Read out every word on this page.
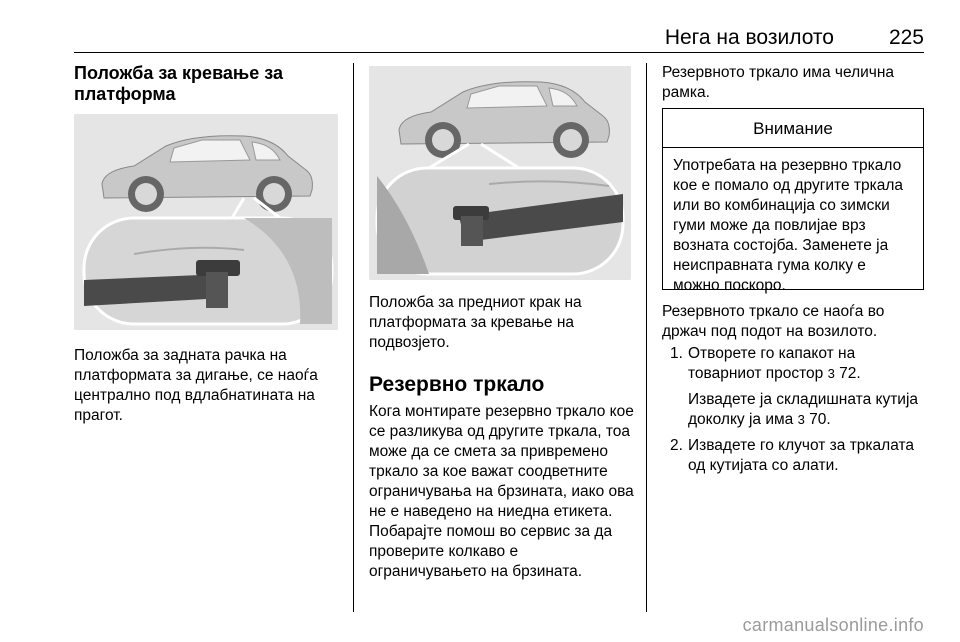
Нега на возилото	225
Положба за кревање за платформа
Положба за задната рачка на платформата за дигање, се наоѓа централно под вдлабнатината на прагот.
Положба за предниот крак на платформата за кревање на подвозјето.
Резервно тркало
Кога монтирате резервно тркало кое се разликува од другите тркала, тоа може да се смета за привремено тркало за кое важат соодветните ограничувања на брзината, иако ова не е наведено на ниедна етикета. Побарајте помош во сервис за да проверите колкаво е ограничувањето на брзината.
Резервното тркало има челична рамка.
Внимание
Употребата на резервно тркало кое е помало од другите тркала или во комбинација со зимски гуми може да повлијае врз возната состојба. Заменете ја неисправната гума колку е можно поскоро.
Резервното тркало се наоѓа во држач под подот на возилото.
1. Отворете го капакот на товарниот простор 3 72.
Извадете ја складишната кутија доколку ја има 3 70.
2. Извадете го клучот за тркалата од кутијата со алати.
carmanualsonline.info
